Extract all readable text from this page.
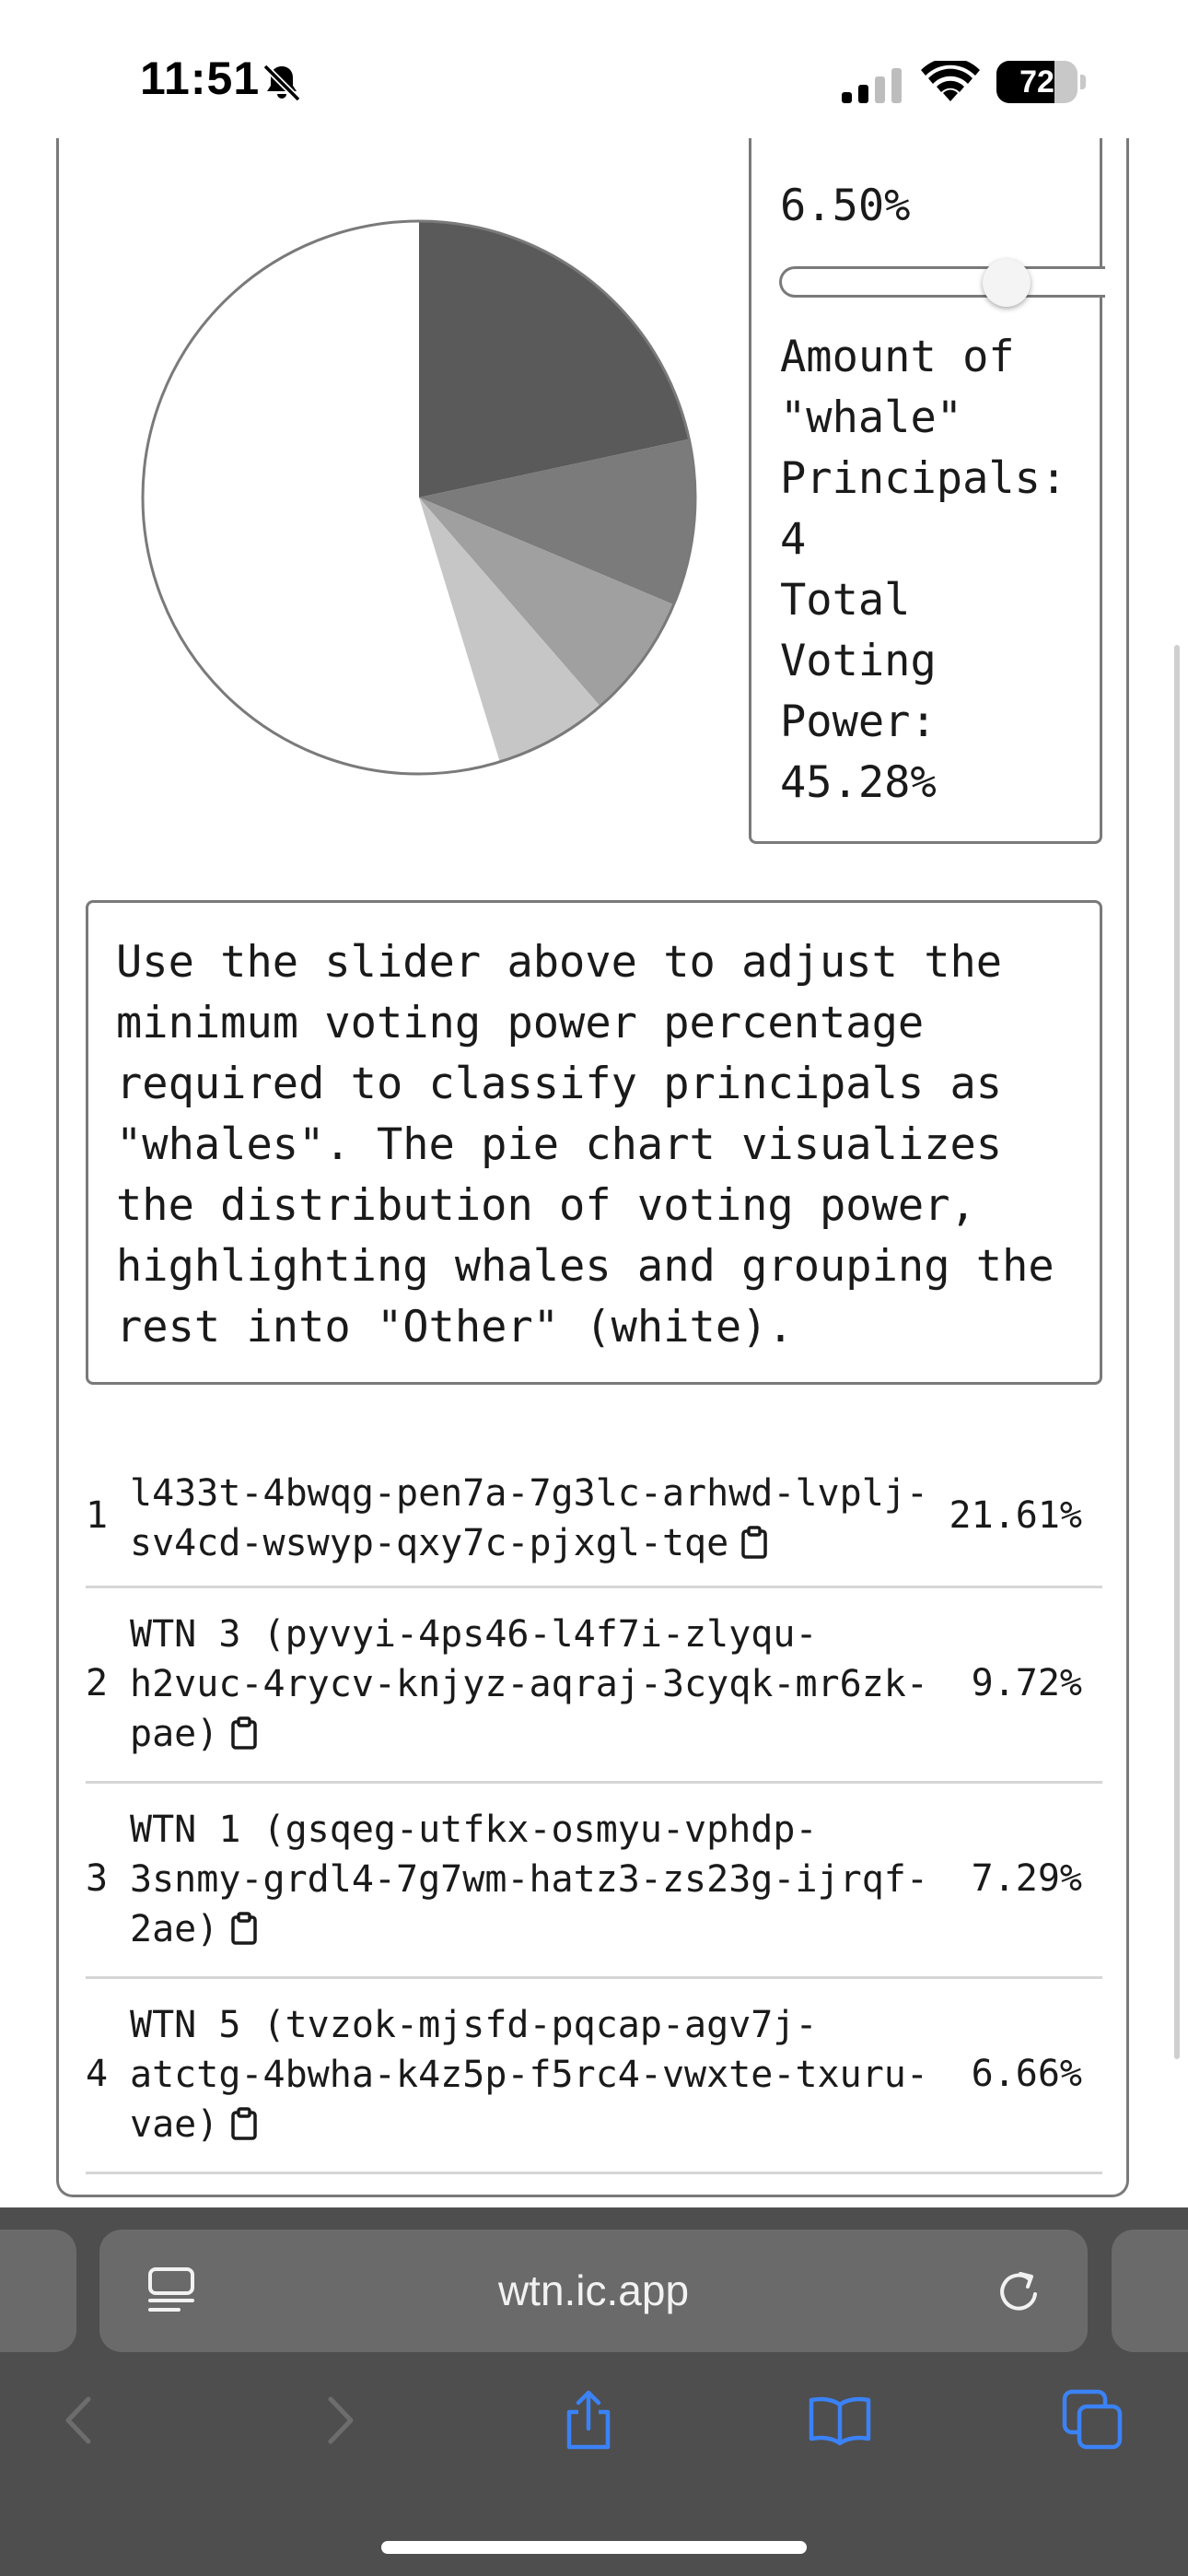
11:51	72
6.50%
Amount of
"whale"
Principals:
4
Total
Voting
Power:
45.28%
Use the slider above to adjust the
minimum voting power percentage
required to classify principals as
"whales". The pie chart visualizes
the distribution of voting power,
highlighting whales and grouping the
rest into "Other" (white).
1
l433t-4bwqg-pen7a-7g3lc-arhwd-lvplj-
sv4cd-wswyp-qxy7c-pjxgl-tqe
21.61%
2
WTN 3 (pyvyi-4ps46-l4f7i-zlyqu-
h2vuc-4rycv-knjyz-aqraj-3cyqk-mr6zk-
pae)
9.72%
3
WTN 1 (gsqeg-utfkx-osmyu-vphdp-
3snmy-grdl4-7g7wm-hatz3-zs23g-ijrqf-
2ae)
7.29%
4
WTN 5 (tvzok-mjsfd-pqcap-agv7j-
atctg-4bwha-k4z5p-f5rc4-vwxte-txuru-
vae)
6.66%
wtn.ic.app
